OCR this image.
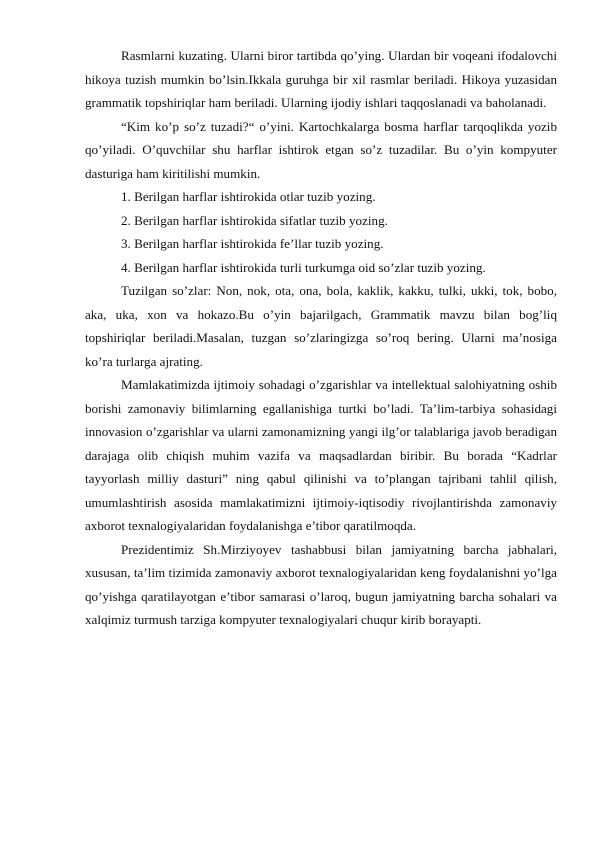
Rasmlarni kuzating. Ularni biror tartibda qo’ying. Ulardan bir voqeani ifodalovchi hikoya tuzish mumkin bo’lsin.Ikkala guruhga bir xil rasmlar beriladi. Hikoya yuzasidan grammatik topshiriqlar ham beriladi. Ularning ijodiy ishlari taqqoslanadi va baholanadi.

“Kim ko’p so’z tuzadi?“ o’yini. Kartochkalarga bosma harflar tarqoqlikda yozib qo’yiladi. O’quvchilar shu harflar ishtirok etgan so’z tuzadilar. Bu o’yin kompyuter dasturiga ham kiritilishi mumkin.

1. Berilgan harflar ishtirokida otlar tuzib yozing.

2. Berilgan harflar ishtirokida sifatlar tuzib yozing.

3. Berilgan harflar ishtirokida fe’llar tuzib yozing.

4. Berilgan harflar ishtirokida turli turkumga oid so’zlar tuzib yozing.

Tuzilgan so’zlar: Non, nok, ota, ona, bola, kaklik, kakku, tulki, ukki, tok, bobo, aka, uka, xon va hokazo.Bu o’yin bajarilgach, Grammatik mavzu bilan bog’liq topshiriqlar beriladi.Masalan, tuzgan so’zlaringizga so’roq bering. Ularni ma’nosiga ko’ra turlarga ajrating.

Mamlakatimizda ijtimoiy sohadagi o’zgarishlar va intellektual salohiyatning oshib borishi zamonaviy bilimlarning egallanishiga turtki bo’ladi. Ta’lim-tarbiya sohasidagi innovasion o’zgarishlar va ularni zamonamizning yangi ilg’or talablariga javob beradigan darajaga olib chiqish muhim vazifa va maqsadlardan biribir. Bu borada “Kadrlar tayyorlash milliy dasturi” ning qabul qilinishi va to’plangan tajribani tahlil qilish, umumlashtirish asosida mamlakatimizni ijtimoiy-iqtisodiy rivojlantirishda zamonaviy axborot texnalogiyalaridan foydalanishga e’tibor qaratilmoqda.

Prezidentimiz Sh.Mirziyoyev tashabbusi bilan jamiyatning barcha jabhalari, xususan, ta’lim tizimida zamonaviy axborot texnalogiyalaridan keng foydalanishni yo’lga qo’yishga qaratilayotgan e’tibor samarasi o’laroq, bugun jamiyatning barcha sohalari va xalqimiz turmush tarziga kompyuter texnalogiyalari chuqur kirib borayapti.
